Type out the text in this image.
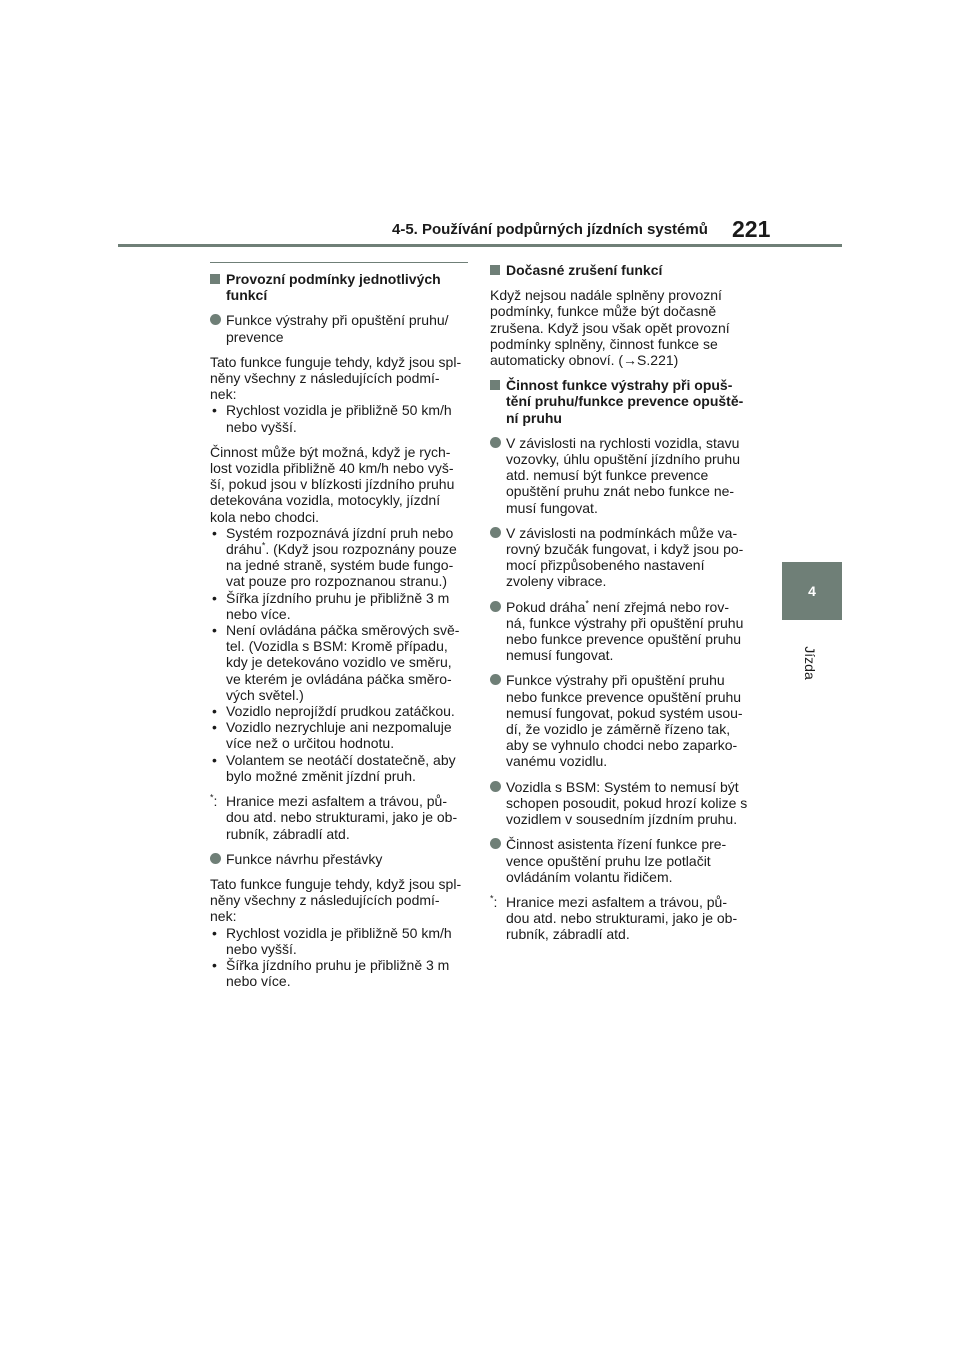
4-5. Používání podpůrných jízdních systémů 221
4
Jízda
Provozní podmínky jednotlivých funkcí
Funkce výstrahy při opuštění pruhu/ prevence
Tato funkce funguje tehdy, když jsou spl- něny všechny z následujících podmí- nek:
• Rychlost vozidla je přibližně 50 km/h nebo vyšší.
Činnost může být možná, když je rych- lost vozidla přibližně 40 km/h nebo vyš- ší, pokud jsou v blízkosti jízdního pruhu detekována vozidla, motocykly, jízdní kola nebo chodci.
• Systém rozpoznává jízdní pruh nebo dráhu*. (Když jsou rozpoznány pouze na jedné straně, systém bude fungo- vat pouze pro rozpoznanou stranu.)
• Šířka jízdního pruhu je přibližně 3 m nebo více.
• Není ovládána páčka směrových svě- tel. (Vozidla s BSM: Kromě případu, kdy je detekováno vozidlo ve směru, ve kterém je ovládána páčka směro- vých světel.)
• Vozidlo neprojíždí prudkou zatáčkou.
• Vozidlo nezrychluje ani nezpomaluje více než o určitou hodnotu.
• Volantem se neotáčí dostatečně, aby bylo možné změnit jízdní pruh.
*: Hranice mezi asfaltem a trávou, pů- dou atd. nebo strukturami, jako je ob- rubník, zábradlí atd.
Funkce návrhu přestávky
Tato funkce funguje tehdy, když jsou spl- něny všechny z následujících podmí- nek:
• Rychlost vozidla je přibližně 50 km/h nebo vyšší.
• Šířka jízdního pruhu je přibližně 3 m nebo více.
Dočasné zrušení funkcí
Když nejsou nadále splněny provozní podmínky, funkce může být dočasně zrušena. Když jsou však opět provozní podmínky splněny, činnost funkce se automaticky obnoví. (→S.221)
Činnost funkce výstrahy při opuš- tění pruhu/funkce prevence opuště- ní pruhu
V závislosti na rychlosti vozidla, stavu vozovky, úhlu opuštění jízdního pruhu atd. nemusí být funkce prevence opuštění pruhu znát nebo funkce ne- musí fungovat.
V závislosti na podmínkách může va- rovný bzučák fungovat, i když jsou po- mocí přizpůsobeného nastavení zvoleny vibrace.
Pokud dráha* není zřejmá nebo rov- ná, funkce výstrahy při opuštění pruhu nebo funkce prevence opuštění pruhu nemusí fungovat.
Funkce výstrahy při opuštění pruhu nebo funkce prevence opuštění pruhu nemusí fungovat, pokud systém usou- dí, že vozidlo je záměrně řízeno tak, aby se vyhnulo chodci nebo zaparko- vanému vozidlu.
Vozidla s BSM: Systém to nemusí být schopen posoudit, pokud hrozí kolize s vozidlem v sousedním jízdním pruhu.
Činnost asistenta řízení funkce pre- vence opuštění pruhu lze potlačit ovládáním volantu řidičem.
*: Hranice mezi asfaltem a trávou, pů- dou atd. nebo strukturami, jako je ob- rubník, zábradlí atd.
